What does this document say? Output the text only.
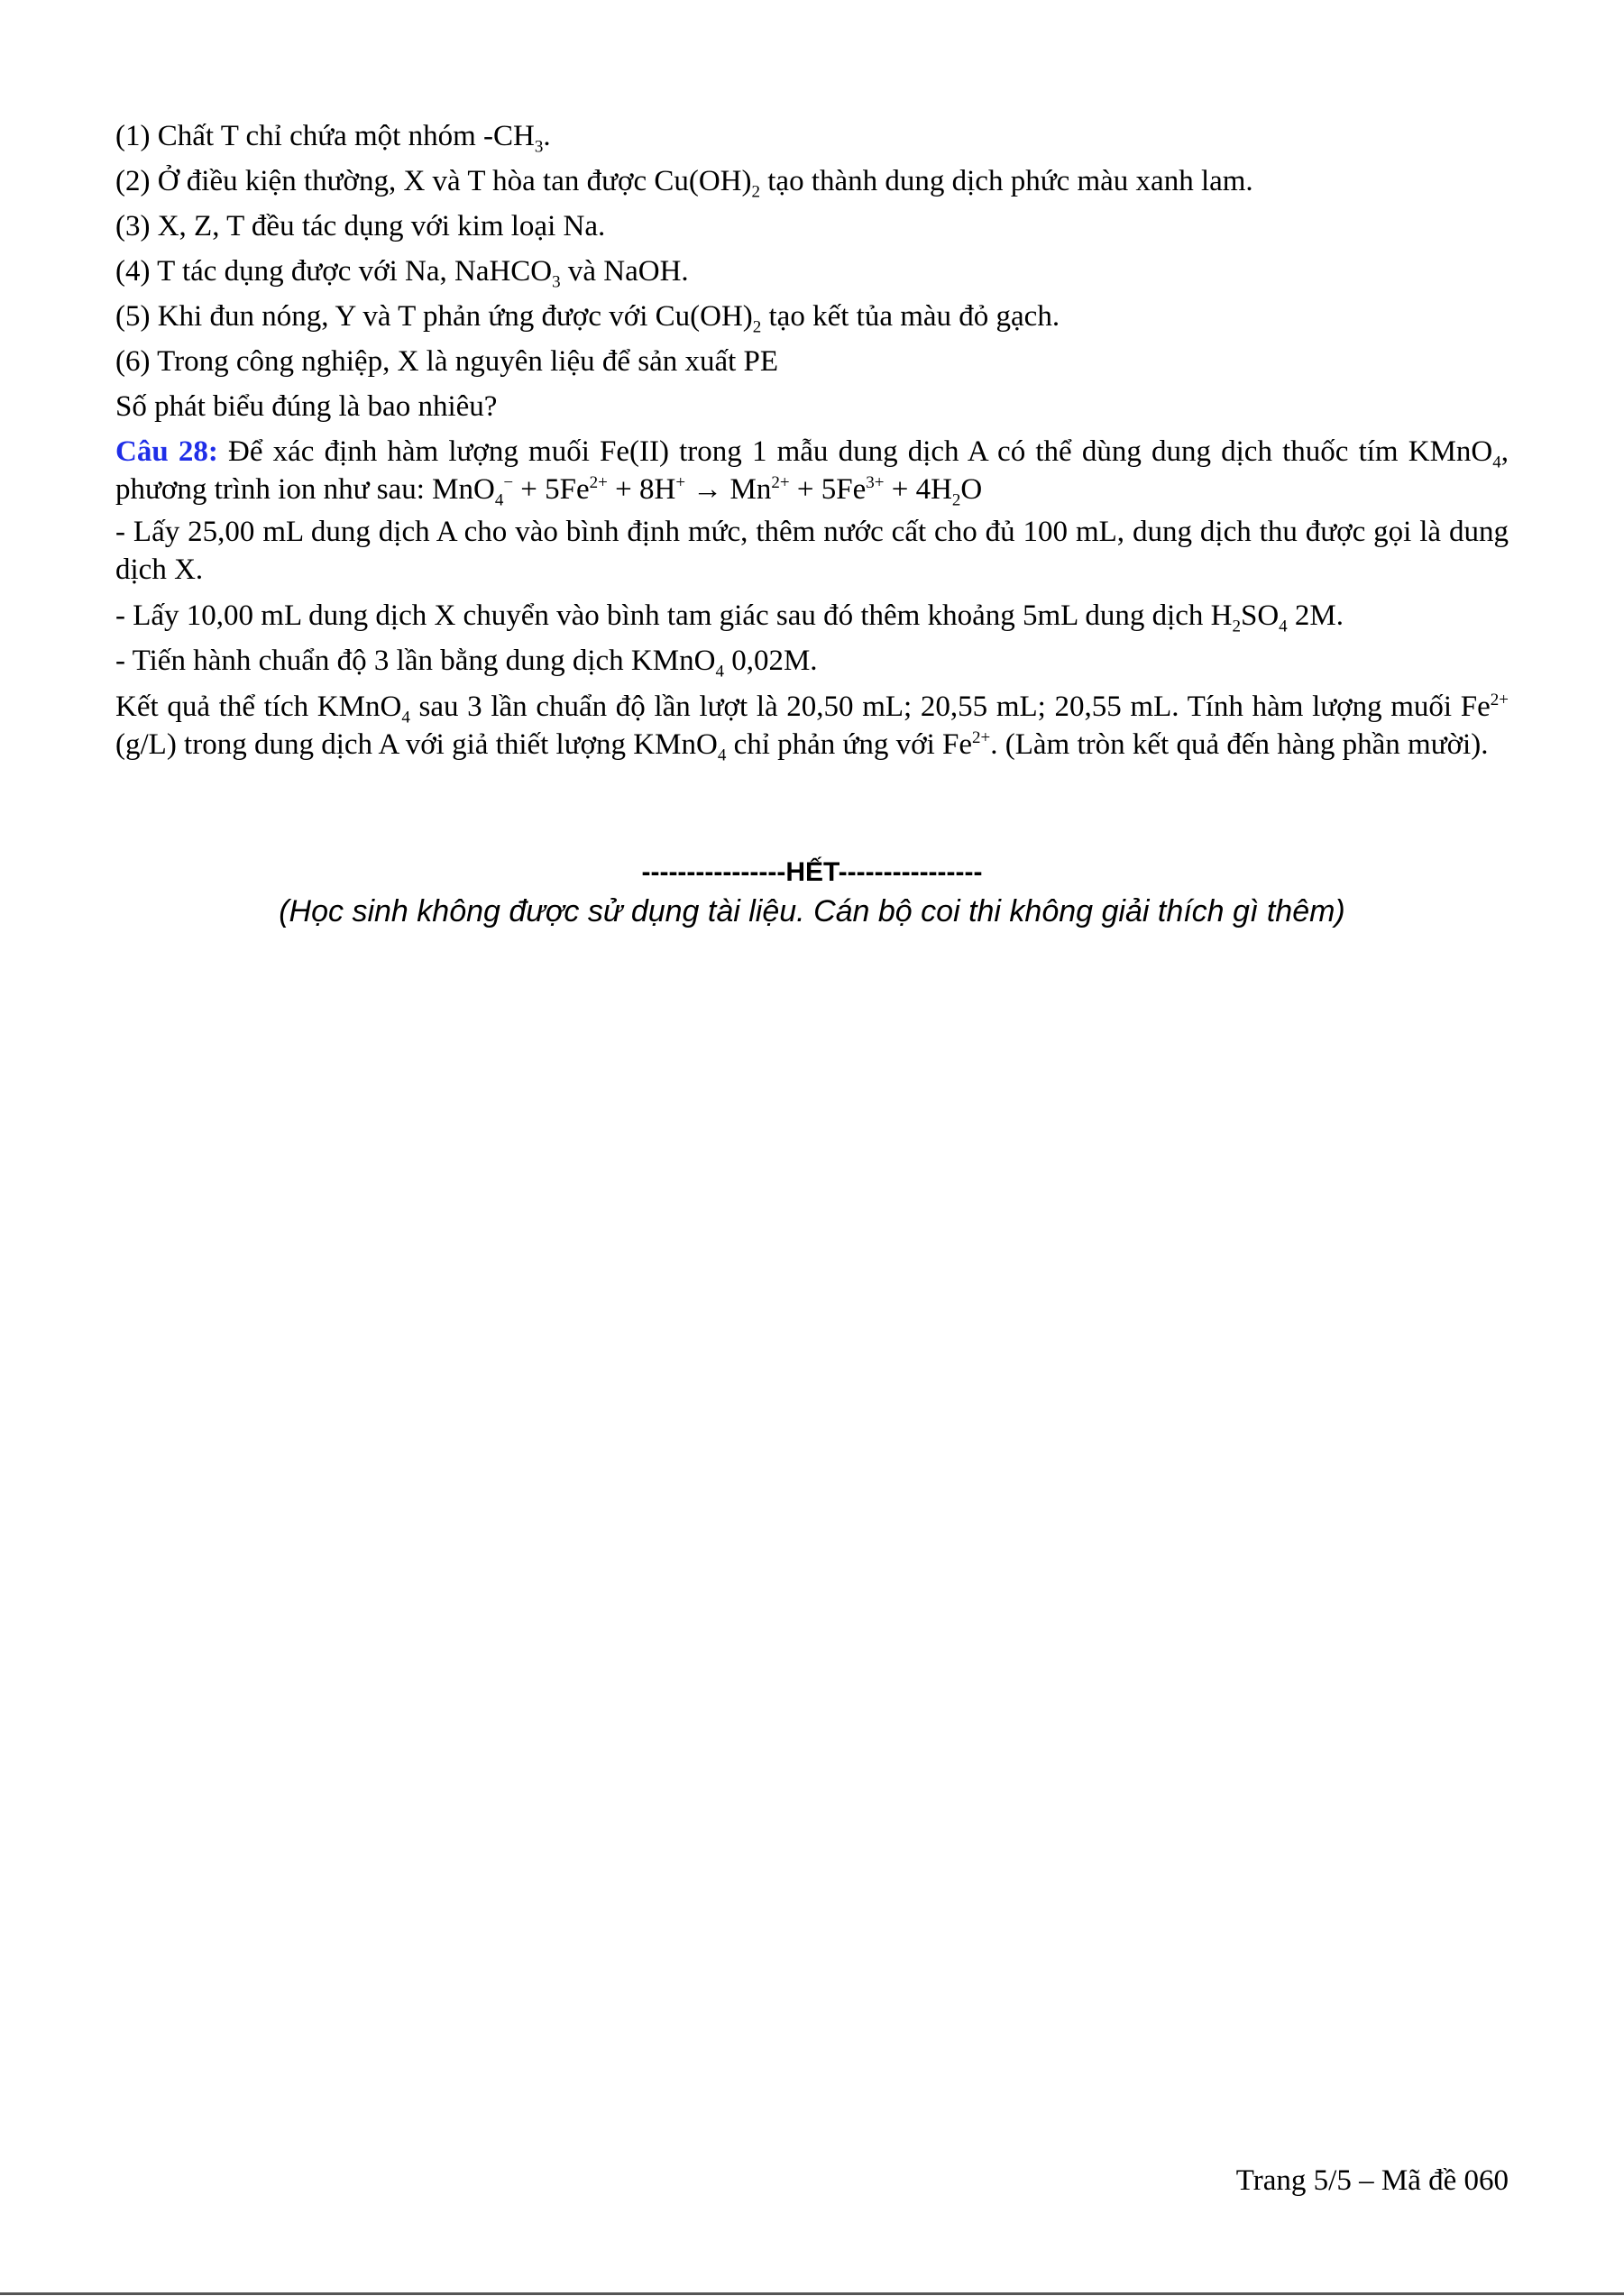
(1) Chất T chỉ chứa một nhóm $-CH_3$.
(2) Ở điều kiện thường, X và T hòa tan được $Cu(OH)_2$ tạo thành dung dịch phức màu xanh lam.
(3) X, Z, T đều tác dụng với kim loại Na.
(4) T tác dụng được với Na, NaHCO$_3$ và NaOH.
(5) Khi đun nóng, Y và T phản ứng được với $Cu(OH)_2$ tạo kết tủa màu đỏ gạch.
(6) Trong công nghiệp, X là nguyên liệu để sản xuất PE
Số phát biểu đúng là bao nhiêu?
Câu 28: Để xác định hàm lượng muối Fe(II) trong 1 mẫu dung dịch A có thể dùng dung dịch thuốc tím KMnO$_4$, phương trình ion như sau: $MnO_4^- + 5Fe^{2+} + 8H^+ \to Mn^{2+} + 5Fe^{3+} + 4H_2O$
- Lấy 25,00 mL dung dịch A cho vào bình định mức, thêm nước cất cho đủ 100 mL, dung dịch thu được gọi là dung dịch X.
- Lấy 10,00 mL dung dịch X chuyển vào bình tam giác sau đó thêm khoảng 5mL dung dịch $H_2SO_4$ 2M.
- Tiến hành chuẩn độ 3 lần bằng dung dịch KMnO$_4$ 0,02M.
Kết quả thể tích KMnO$_4$ sau 3 lần chuẩn độ lần lượt là 20,50 mL; 20,55 mL; 20,55 mL. Tính hàm lượng muối $Fe^{2+}$ (g/L) trong dung dịch A với giả thiết lượng KMnO$_4$ chỉ phản ứng với $Fe^{2+}$. (Làm tròn kết quả đến hàng phần mười).
----------------HẾT----------------
(Học sinh không được sử dụng tài liệu. Cán bộ coi thi không giải thích gì thêm)
Trang 5/5 – Mã đề 060
